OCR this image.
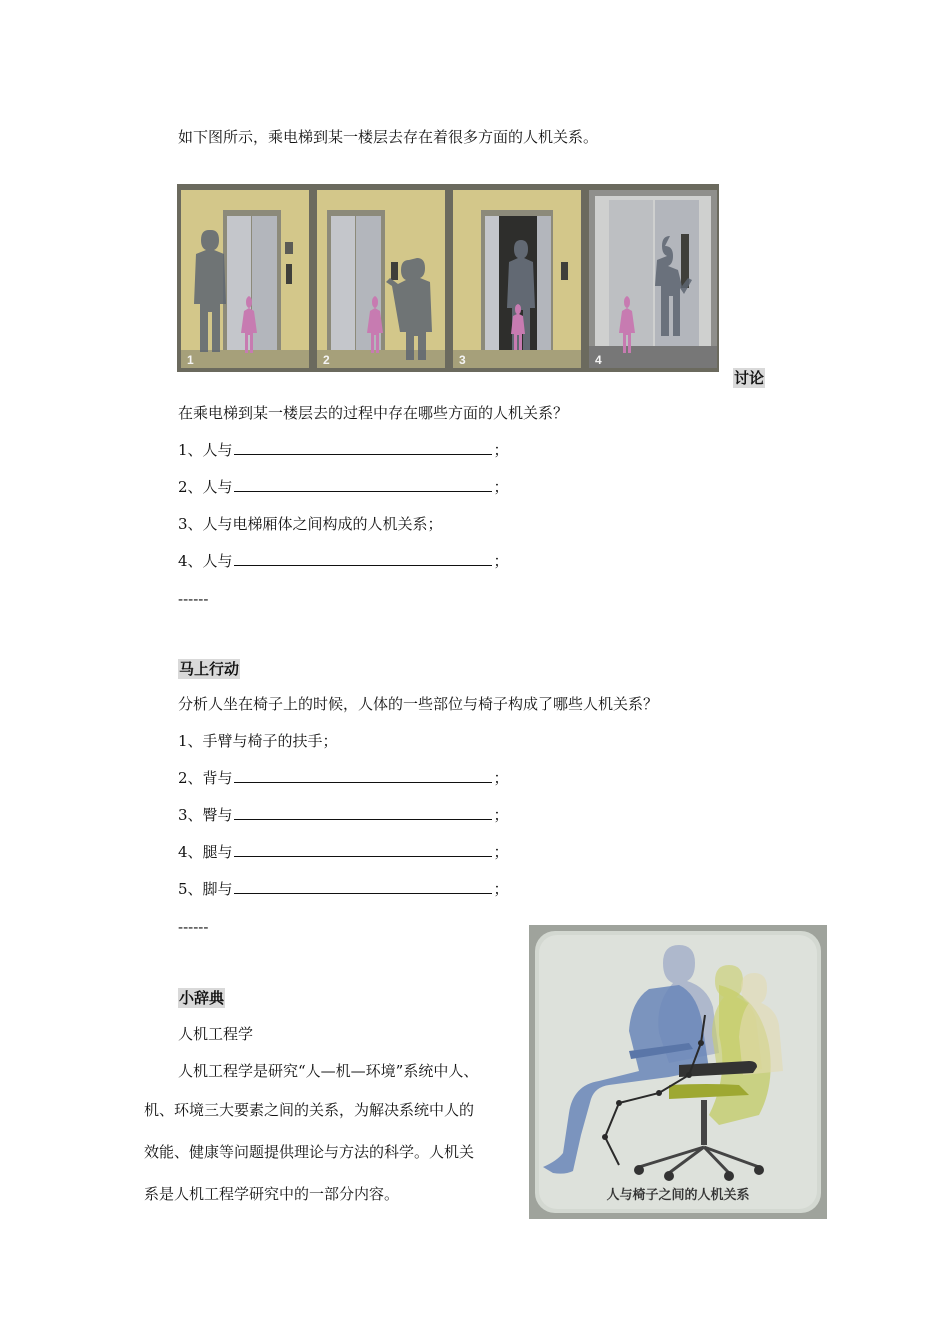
如下图所示，乘电梯到某一楼层去存在着很多方面的人机关系。
1	2	3	4
讨论
在乘电梯到某一楼层去的过程中存在哪些方面的人机关系？
1、人与	；
2、人与	；
3、人与电梯厢体之间构成的人机关系；
4、人与	；
------
马上行动
分析人坐在椅子上的时候，人体的一些部位与椅子构成了哪些人机关系？
1、手臂与椅子的扶手；
2、背与	；
3、臀与	；
4、腿与	；
5、脚与	；
------
小辞典
人机工程学
人机工程学是研究“人—机—环境”系统中人、
机、环境三大要素之间的关系，为解决系统中人的
效能、健康等问题提供理论与方法的科学。人机关
系是人机工程学研究中的一部分内容。	人与椅子之间的人机关系
